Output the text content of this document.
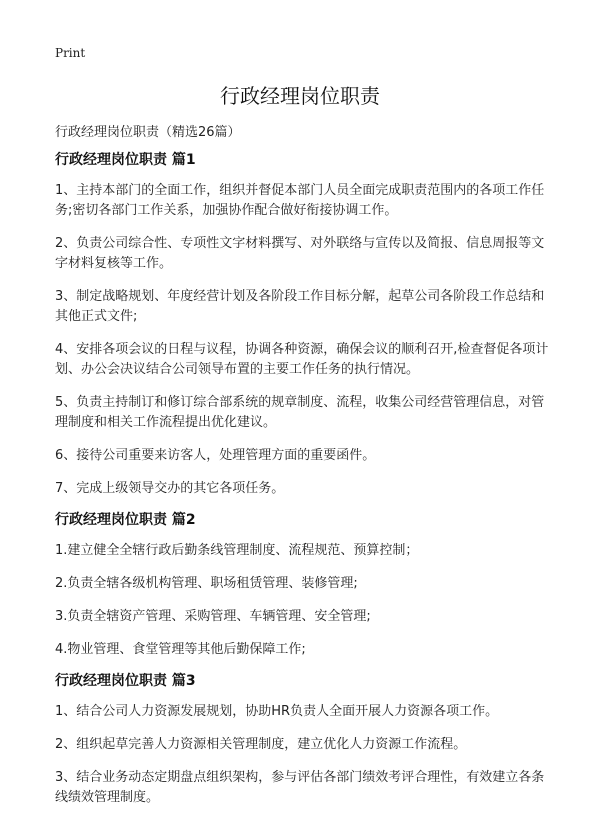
Print
行政经理岗位职责
行政经理岗位职责（精选26篇）
行政经理岗位职责 篇1

1、主持本部门的全面工作，组织并督促本部门人员全面完成职责范围内的各项工作任务;密切各部门工作关系，加强协作配合做好衔接协调工作。

2、负责公司综合性、专项性文字材料撰写、对外联络与宣传以及简报、信息周报等文字材料复核等工作。

3、制定战略规划、年度经营计划及各阶段工作目标分解，起草公司各阶段工作总结和其他正式文件;

4、安排各项会议的日程与议程，协调各种资源，确保会议的顺利召开,检查督促各项计划、办公会决议结合公司领导布置的主要工作任务的执行情况。

5、负责主持制订和修订综合部系统的规章制度、流程，收集公司经营管理信息，对管理制度和相关工作流程提出优化建议。

6、接待公司重要来访客人，处理管理方面的重要函件。

7、完成上级领导交办的其它各项任务。

行政经理岗位职责 篇2

1.建立健全全辖行政后勤条线管理制度、流程规范、预算控制；

2.负责全辖各级机构管理、职场租赁管理、装修管理;

3.负责全辖资产管理、采购管理、车辆管理、安全管理;

4.物业管理、食堂管理等其他后勤保障工作;

行政经理岗位职责 篇3

1、结合公司人力资源发展规划，协助HR负责人全面开展人力资源各项工作。

2、组织起草完善人力资源相关管理制度，建立优化人力资源工作流程。

3、结合业务动态定期盘点组织架构，参与评估各部门绩效考评合理性，有效建立各条线绩效管理制度。
